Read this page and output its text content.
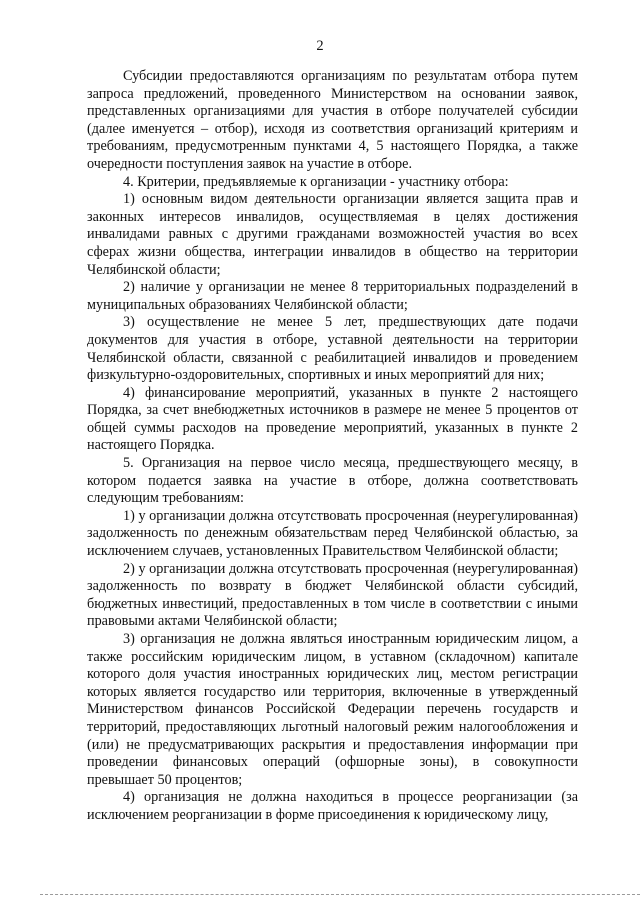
2

Субсидии предоставляются организациям по результатам отбора путем запроса предложений, проведенного Министерством на основании заявок, представленных организациями для участия в отборе получателей субсидии (далее именуется – отбор), исходя из соответствия организаций критериям и требованиям, предусмотренным пунктами 4, 5 настоящего Порядка, а также очередности поступления заявок на участие в отборе.

4. Критерии, предъявляемые к организации - участнику отбора:

1) основным видом деятельности организации является защита прав и законных интересов инвалидов, осуществляемая в целях достижения инвалидами равных с другими гражданами возможностей участия во всех сферах жизни общества, интеграции инвалидов в общество на территории Челябинской области;

2) наличие у организации не менее 8 территориальных подразделений в муниципальных образованиях Челябинской области;

3) осуществление не менее 5 лет, предшествующих дате подачи документов для участия в отборе, уставной деятельности на территории Челябинской области, связанной с реабилитацией инвалидов и проведением физкультурно-оздоровительных, спортивных и иных мероприятий для них;

4) финансирование мероприятий, указанных в пункте 2 настоящего Порядка, за счет внебюджетных источников в размере не менее 5 процентов от общей суммы расходов на проведение мероприятий, указанных в пункте 2 настоящего Порядка.

5. Организация на первое число месяца, предшествующего месяцу, в котором подается заявка на участие в отборе, должна соответствовать следующим требованиям:

1) у организации должна отсутствовать просроченная (неурегулированная) задолженность по денежным обязательствам перед Челябинской областью, за исключением случаев, установленных Правительством Челябинской области;

2) у организации должна отсутствовать просроченная (неурегулированная) задолженность по возврату в бюджет Челябинской области субсидий, бюджетных инвестиций, предоставленных в том числе в соответствии с иными правовыми актами Челябинской области;

3) организация не должна являться иностранным юридическим лицом, а также российским юридическим лицом, в уставном (складочном) капитале которого доля участия иностранных юридических лиц, местом регистрации которых является государство или территория, включенные в утвержденный Министерством финансов Российской Федерации перечень государств и территорий, предоставляющих льготный налоговый режим налогообложения и (или) не предусматривающих раскрытия и предоставления информации при проведении финансовых операций (офшорные зоны), в совокупности превышает 50 процентов;

4) организация не должна находиться в процессе реорганизации (за исключением реорганизации в форме присоединения к юридическому лицу,
